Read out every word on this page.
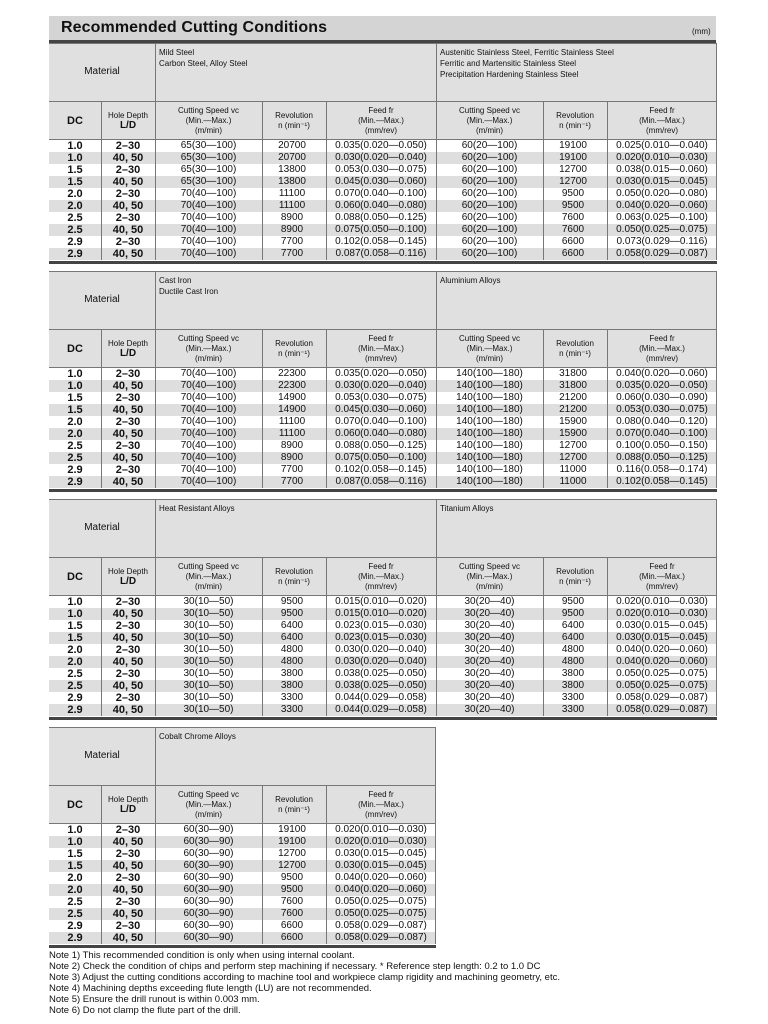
Recommended Cutting Conditions	(mm)
Material
Mild Steel
Carbon Steel, Alloy Steel
Austenitic Stainless Steel, Ferritic Stainless Steel
Ferritic and Martensitic Stainless Steel
Precipitation Hardening Stainless Steel
DC	Hole Depth
L/D
Cutting Speed vc
(Min.—Max.)
(m/min)
Revolution
n (min⁻¹)
Feed fr
(Min.—Max.)
(mm/rev)
Cutting Speed vc
(Min.—Max.)
(m/min)
Revolution
n (min⁻¹)
Feed fr
(Min.—Max.)
(mm/rev)
1.0	2–30	65(30—100)	20700	0.035(0.020—0.050)	60(20—100)	19100	0.025(0.010—0.040)
1.0	40, 50	65(30—100)	20700	0.030(0.020—0.040)	60(20—100)	19100	0.020(0.010—0.030)
1.5	2–30	65(30—100)	13800	0.053(0.030—0.075)	60(20—100)	12700	0.038(0.015—0.060)
1.5	40, 50	65(30—100)	13800	0.045(0.030—0.060)	60(20—100)	12700	0.030(0.015—0.045)
2.0	2–30	70(40—100)	11100	0.070(0.040—0.100)	60(20—100)	9500	0.050(0.020—0.080)
2.0	40, 50	70(40—100)	11100	0.060(0.040—0.080)	60(20—100)	9500	0.040(0.020—0.060)
2.5	2–30	70(40—100)	8900	0.088(0.050—0.125)	60(20—100)	7600	0.063(0.025—0.100)
2.5	40, 50	70(40—100)	8900	0.075(0.050—0.100)	60(20—100)	7600	0.050(0.025—0.075)
2.9	2–30	70(40—100)	7700	0.102(0.058—0.145)	60(20—100)	6600	0.073(0.029—0.116)
2.9	40, 50	70(40—100)	7700	0.087(0.058—0.116)	60(20—100)	6600	0.058(0.029—0.087)
Material
Cast Iron
Ductile Cast Iron
Aluminium Alloys
DC	Hole Depth
L/D
Cutting Speed vc
(Min.—Max.)
(m/min)
Revolution
n (min⁻¹)
Feed fr
(Min.—Max.)
(mm/rev)
Cutting Speed vc
(Min.—Max.)
(m/min)
Revolution
n (min⁻¹)
Feed fr
(Min.—Max.)
(mm/rev)
1.0	2–30	70(40—100)	22300	0.035(0.020—0.050)	140(100—180)	31800	0.040(0.020—0.060)
1.0	40, 50	70(40—100)	22300	0.030(0.020—0.040)	140(100—180)	31800	0.035(0.020—0.050)
1.5	2–30	70(40—100)	14900	0.053(0.030—0.075)	140(100—180)	21200	0.060(0.030—0.090)
1.5	40, 50	70(40—100)	14900	0.045(0.030—0.060)	140(100—180)	21200	0.053(0.030—0.075)
2.0	2–30	70(40—100)	11100	0.070(0.040—0.100)	140(100—180)	15900	0.080(0.040—0.120)
2.0	40, 50	70(40—100)	11100	0.060(0.040—0.080)	140(100—180)	15900	0.070(0.040—0.100)
2.5	2–30	70(40—100)	8900	0.088(0.050—0.125)	140(100—180)	12700	0.100(0.050—0.150)
2.5	40, 50	70(40—100)	8900	0.075(0.050—0.100)	140(100—180)	12700	0.088(0.050—0.125)
2.9	2–30	70(40—100)	7700	0.102(0.058—0.145)	140(100—180)	11000	0.116(0.058—0.174)
2.9	40, 50	70(40—100)	7700	0.087(0.058—0.116)	140(100—180)	11000	0.102(0.058—0.145)
Material
Heat Resistant Alloys	Titanium Alloys
DC	Hole Depth
L/D
Cutting Speed vc
(Min.—Max.)
(m/min)
Revolution
n (min⁻¹)
Feed fr
(Min.—Max.)
(mm/rev)
Cutting Speed vc
(Min.—Max.)
(m/min)
Revolution
n (min⁻¹)
Feed fr
(Min.—Max.)
(mm/rev)
1.0	2–30	30(10—50)	9500	0.015(0.010—0.020)	30(20—40)	9500	0.020(0.010—0.030)
1.0	40, 50	30(10—50)	9500	0.015(0.010—0.020)	30(20—40)	9500	0.020(0.010—0.030)
1.5	2–30	30(10—50)	6400	0.023(0.015—0.030)	30(20—40)	6400	0.030(0.015—0.045)
1.5	40, 50	30(10—50)	6400	0.023(0.015—0.030)	30(20—40)	6400	0.030(0.015—0.045)
2.0	2–30	30(10—50)	4800	0.030(0.020—0.040)	30(20—40)	4800	0.040(0.020—0.060)
2.0	40, 50	30(10—50)	4800	0.030(0.020—0.040)	30(20—40)	4800	0.040(0.020—0.060)
2.5	2–30	30(10—50)	3800	0.038(0.025—0.050)	30(20—40)	3800	0.050(0.025—0.075)
2.5	40, 50	30(10—50)	3800	0.038(0.025—0.050)	30(20—40)	3800	0.050(0.025—0.075)
2.9	2–30	30(10—50)	3300	0.044(0.029—0.058)	30(20—40)	3300	0.058(0.029—0.087)
2.9	40, 50	30(10—50)	3300	0.044(0.029—0.058)	30(20—40)	3300	0.058(0.029—0.087)
Material
Cobalt Chrome Alloys
DC	Hole Depth
L/D
Cutting Speed vc
(Min.—Max.)
(m/min)
Revolution
n (min⁻¹)
Feed fr
(Min.—Max.)
(mm/rev)
1.0	2–30	60(30—90)	19100	0.020(0.010—0.030)
1.0	40, 50	60(30—90)	19100	0.020(0.010—0.030)
1.5	2–30	60(30—90)	12700	0.030(0.015—0.045)
1.5	40, 50	60(30—90)	12700	0.030(0.015—0.045)
2.0	2–30	60(30—90)	9500	0.040(0.020—0.060)
2.0	40, 50	60(30—90)	9500	0.040(0.020—0.060)
2.5	2–30	60(30—90)	7600	0.050(0.025—0.075)
2.5	40, 50	60(30—90)	7600	0.050(0.025—0.075)
2.9	2–30	60(30—90)	6600	0.058(0.029—0.087)
2.9	40, 50	60(30—90)	6600	0.058(0.029—0.087)
Note 1) This recommended condition is only when using internal coolant.
Note 2) Check the condition of chips and perform step machining if necessary. * Reference step length: 0.2 to 1.0 DC
Note 3) Adjust the cutting conditions according to machine tool and workpiece clamp rigidity and machining geometry, etc.
Note 4) Machining depths exceeding flute length (LU) are not recommended.
Note 5) Ensure the drill runout is within 0.003 mm.
Note 6) Do not clamp the flute part of the drill.
